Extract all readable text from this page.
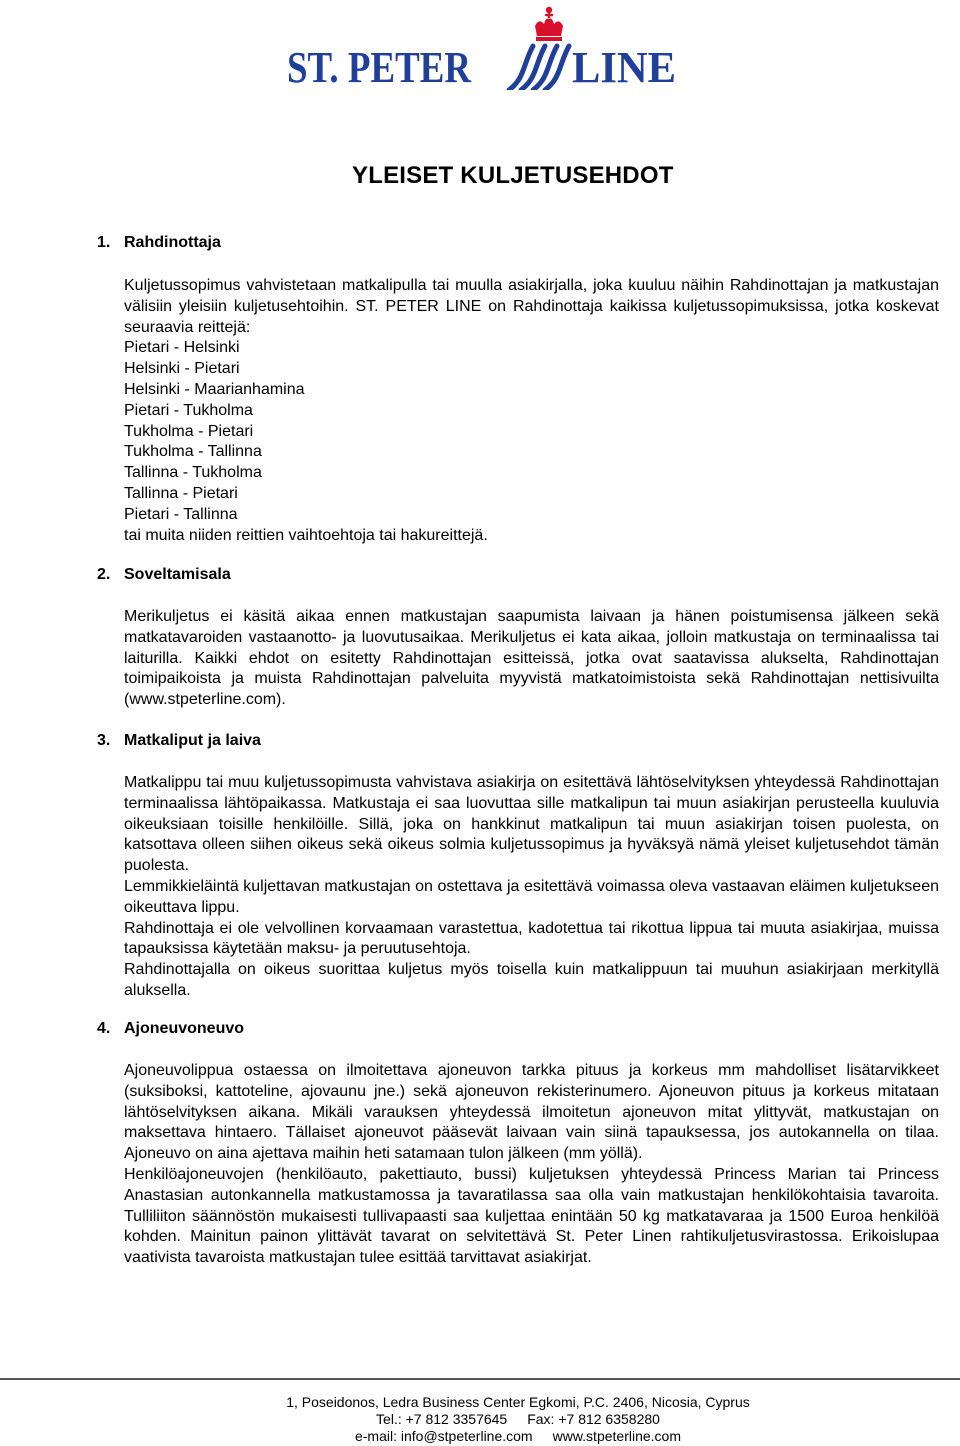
ST. PETER LINE
YLEISET KULJETUSEHDOT
1. Rahdinottaja

Kuljetussopimus vahvistetaan matkalipulla tai muulla asiakirjalla, joka kuuluu näihin Rahdinottajan ja matkustajan välisiin yleisiin kuljetusehtoihin. ST. PETER LINE on Rahdinottaja kaikissa kuljetussopimuksissa, jotka koskevat seuraavia reittejä:

Pietari - Helsinki
Helsinki - Pietari
Helsinki - Maarianhamina
Pietari - Tukholma
Tukholma - Pietari
Tukholma - Tallinna
Tallinna - Tukholma
Tallinna - Pietari
Pietari - Tallinna

tai muita niiden reittien vaihtoehtoja tai hakureittejä.

2. Soveltamisala

Merikuljetus ei käsitä aikaa ennen matkustajan saapumista laivaan ja hänen poistumisensa jälkeen sekä matkatavaroiden vastaanotto- ja luovutusaikaa. Merikuljetus ei kata aikaa, jolloin matkustaja on terminaalissa tai laiturilla. Kaikki ehdot on esitetty Rahdinottajan esitteissä, jotka ovat saatavissa alukselta, Rahdinottajan toimipaikoista ja muista Rahdinottajan palveluita myyvistä matkatoimistoista sekä Rahdinottajan nettisivuilta (www.stpeterline.com).

3. Matkaliput ja laiva

Matkalippu tai muu kuljetussopimusta vahvistava asiakirja on esitettävä lähtöselvityksen yhteydessä Rahdinottajan terminaalissa lähtöpaikassa. Matkustaja ei saa luovuttaa sille matkalipun tai muun asiakirjan perusteella kuuluvia oikeuksiaan toisille henkilöille. Sillä, joka on hankkinut matkalipun tai muun asiakirjan toisen puolesta, on katsottava olleen siihen oikeus sekä oikeus solmia kuljetussopimus ja hyväksyä nämä yleiset kuljetusehdot tämän puolesta.

Lemmikkieläintä kuljettavan matkustajan on ostettava ja esitettävä voimassa oleva vastaavan eläimen kuljetukseen oikeuttava lippu.

Rahdinottaja ei ole velvollinen korvaamaan varastettua, kadotettua tai rikottua lippua tai muuta asiakirjaa, muissa tapauksissa käytetään maksu- ja peruutusehtoja.

Rahdinottajalla on oikeus suorittaa kuljetus myös toisella kuin matkalippuun tai muuhun asiakirjaan merkityllä aluksella.

4. Ajoneuvoneuvo

Ajoneuvolippua ostaessa on ilmoitettava ajoneuvon tarkka pituus ja korkeus mm mahdolliset lisätarvikkeet (suksiboksi, kattoteline, ajovaunu jne.) sekä ajoneuvon rekisterinumero. Ajoneuvon pituus ja korkeus mitataan lähtöselvityksen aikana. Mikäli varauksen yhteydessä ilmoitetun ajoneuvon mitat ylittyvät, matkustajan on maksettava hintaero. Tällaiset ajoneuvot pääsevät laivaan vain siinä tapauksessa, jos autokannella on tilaa. Ajoneuvo on aina ajettava maihin heti satamaan tulon jälkeen (mm yöllä).

Henkilöajoneuvojen (henkilöauto, pakettiauto, bussi) kuljetuksen yhteydessä Princess Marian tai Princess Anastasian autonkannella matkustamossa ja tavaratilassa saa olla vain matkustajan henkilökohtaisia tavaroita. Tulliliiton säännöstön mukaisesti tullivapaasti saa kuljettaa enintään 50 kg matkatavaraa ja 1500 Euroa henkilöä kohden. Mainitun painon ylittävät tavarat on selvitettävä St. Peter Linen rahtikuljetusvirastossa. Erikoislupaa vaativista tavaroista matkustajan tulee esittää tarvittavat asiakirjat.

1, Poseidonos, Ledra Business Center Egkomi, P.C. 2406, Nicosia, Cyprus
Tel.: +7 812 3357645 Fax: +7 812 6358280
e-mail: info@stpeterline.com www.stpeterline.com
